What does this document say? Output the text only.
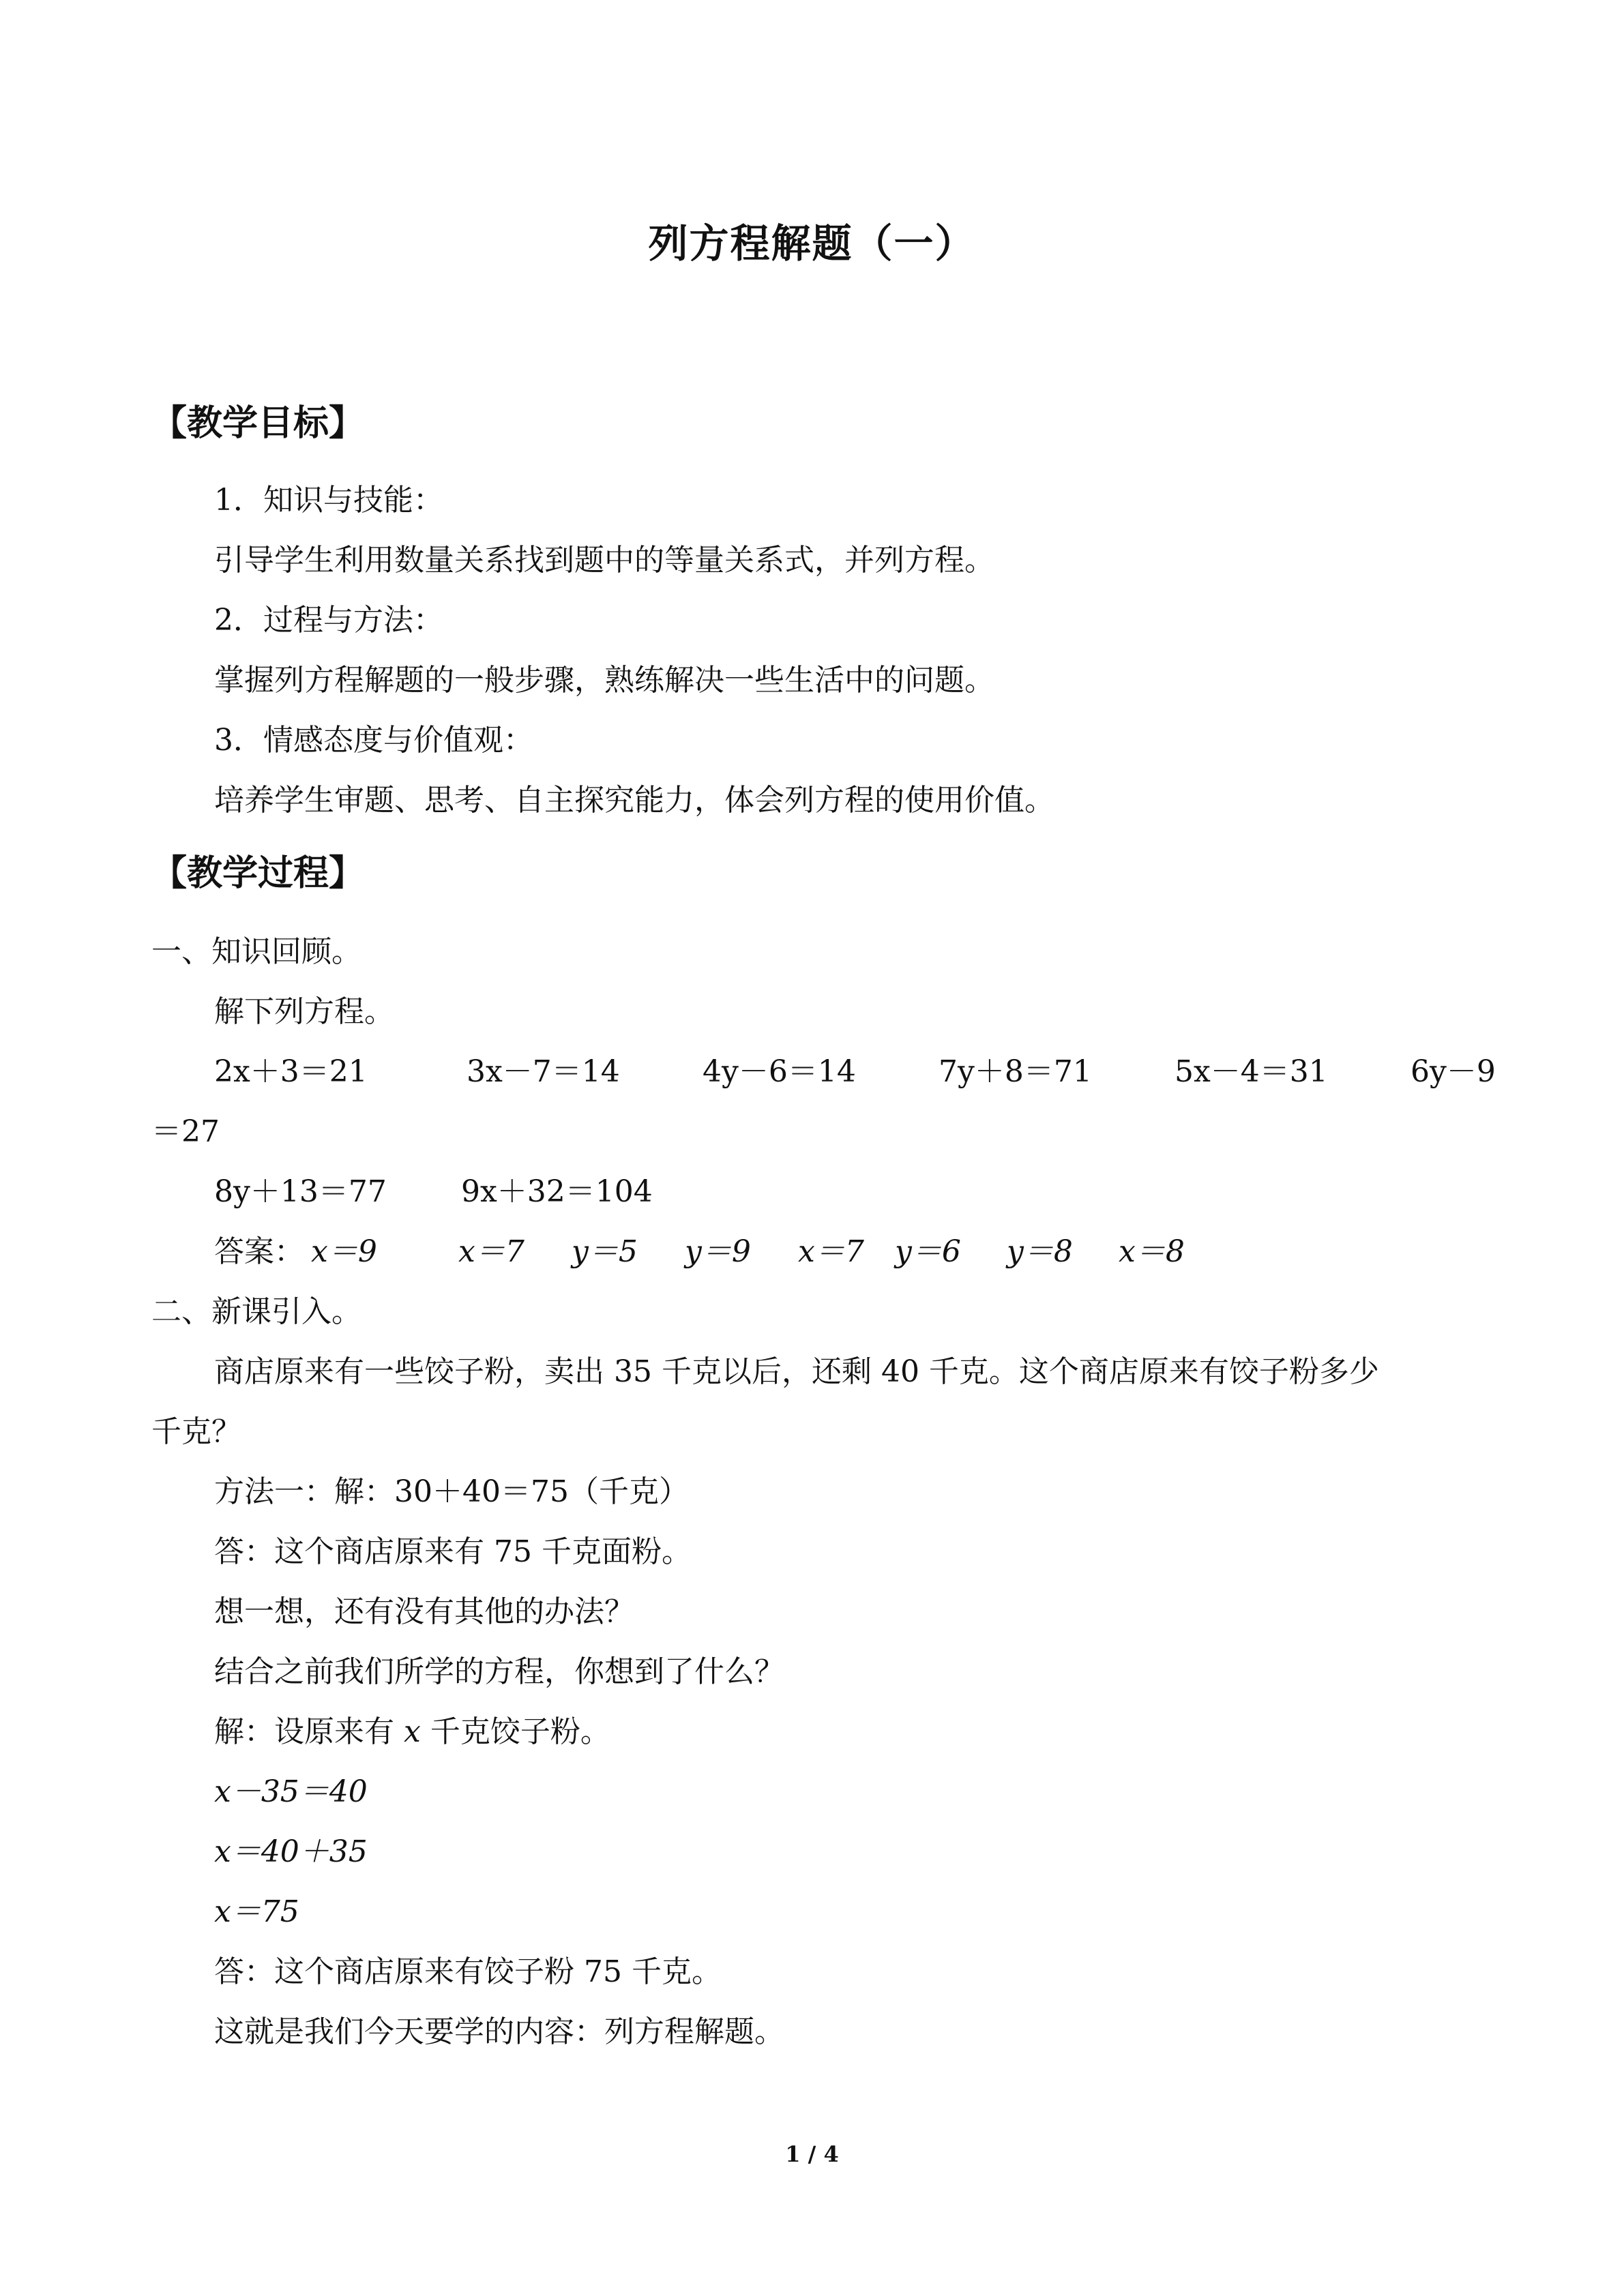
列方程解题（一）
【教学目标】
1．知识与技能：
引导学生利用数量关系找到题中的等量关系式，并列方程。
2．过程与方法：
掌握列方程解题的一般步骤，熟练解决一些生活中的问题。
3．情感态度与价值观：
培养学生审题、思考、自主探究能力，体会列方程的使用价值。
【教学过程】
一、知识回顾。
解下列方程。
2x＋3＝21	3x－7＝14	4y－6＝14	7y＋8＝71	5x－4＝31	6y－9
＝27
8y＋13＝77 9x＋32＝104
答案： x＝9	x＝7 y＝5 y＝9 x＝7 y＝6 y＝8 x＝8
二、新课引入。
商店原来有一些饺子粉，卖出 35 千克以后，还剩 40 千克。这个商店原来有饺子粉多少
千克？
方法一：解：30＋40＝75（千克）
答：这个商店原来有 75 千克面粉。
想一想，还有没有其他的办法？
结合之前我们所学的方程，你想到了什么？
解：设原来有 x 千克饺子粉。
x－35＝40
x＝40＋35
x＝75
答：这个商店原来有饺子粉 75 千克。
这就是我们今天要学的内容：列方程解题。
1 / 4
